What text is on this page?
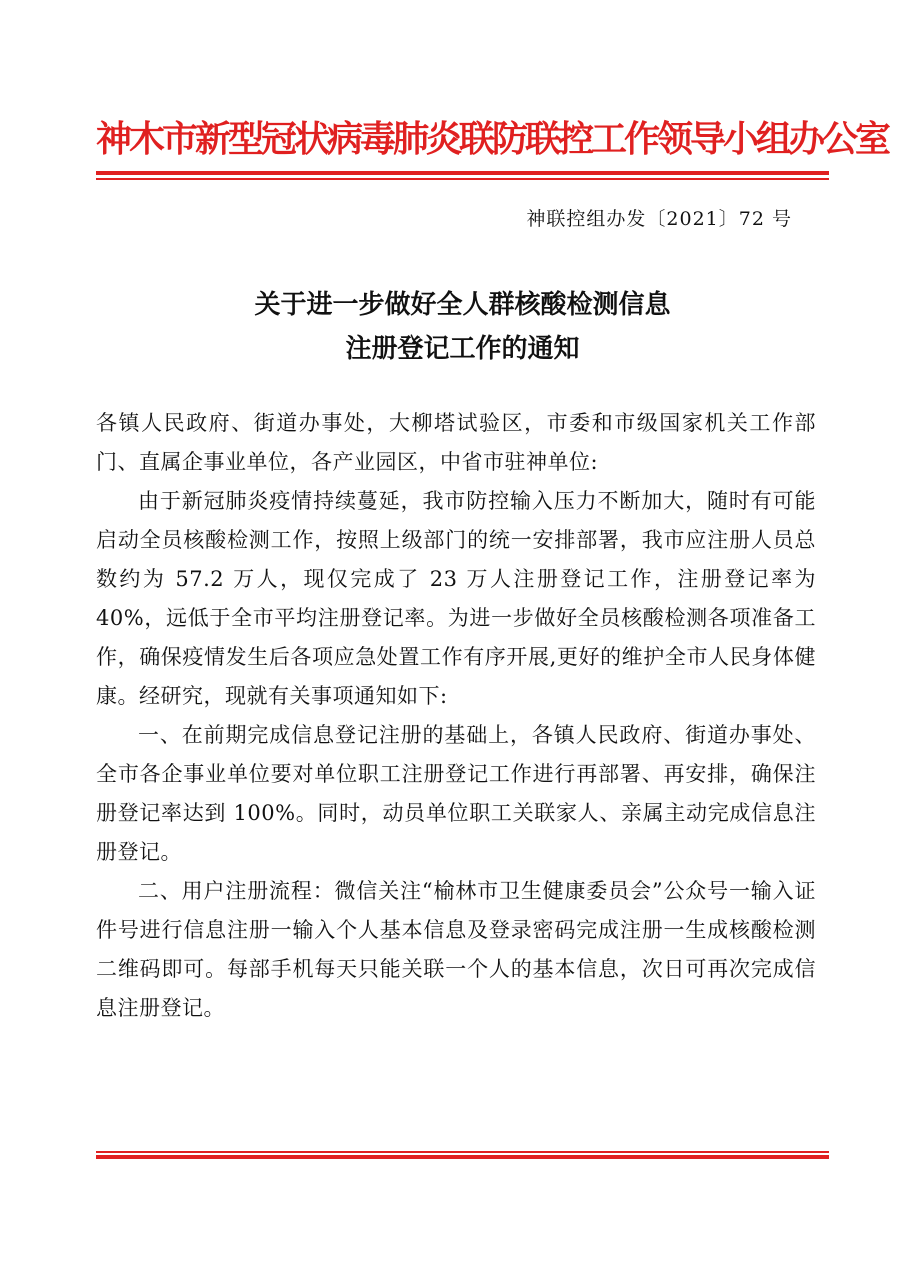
神木市新型冠状病毒肺炎联防联控工作领导小组办公室
神联控组办发〔2021〕72 号
关于进一步做好全人群核酸检测信息
注册登记工作的通知

各镇人民政府、街道办事处，大柳塔试验区，市委和市级国家机关工作部门、直属企事业单位，各产业园区，中省市驻神单位:

由于新冠肺炎疫情持续蔓延，我市防控输入压力不断加大，随时有可能启动全员核酸检测工作，按照上级部门的统一安排部署，我市应注册人员总数约为 57.2 万人，现仅完成了 23 万人注册登记工作，注册登记率为 40%，远低于全市平均注册登记率。为进一步做好全员核酸检测各项准备工作，确保疫情发生后各项应急处置工作有序开展,更好的维护全市人民身体健康。经研究，现就有关事项通知如下:

一、在前期完成信息登记注册的基础上，各镇人民政府、街道办事处、全市各企事业单位要对单位职工注册登记工作进行再部署、再安排，确保注册登记率达到 100%。同时，动员单位职工关联家人、亲属主动完成信息注册登记。

二、用户注册流程：微信关注“榆林市卫生健康委员会”公众号一输入证件号进行信息注册一输入个人基本信息及登录密码完成注册一生成核酸检测二维码即可。每部手机每天只能关联一个人的基本信息，次日可再次完成信息注册登记。
